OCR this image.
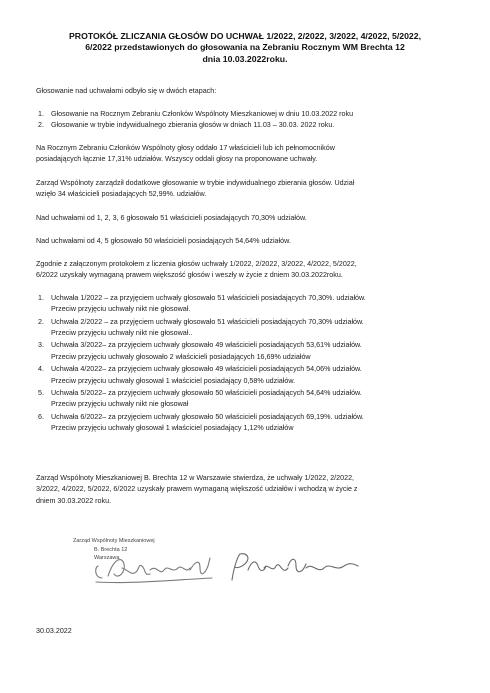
PROTOKÓŁ ZLICZANIA GŁOSÓW DO UCHWAŁ 1/2022, 2/2022, 3/2022, 4/2022, 5/2022,
6/2022 przedstawionych do głosowania na Zebraniu Rocznym WM Brechta 12
dnia 10.03.2022roku.
Głosowanie nad uchwałami odbyło się w dwóch etapach:
1. Głosowanie na Rocznym Zebraniu Członków Wspólnoty Mieszkaniowej w dniu 10.03.2022 roku
2. Głosowanie w trybie indywidualnego zbierania głosów w dniach 11.03 – 30.03. 2022 roku.
Na Rocznym Zebraniu Członków Wspólnoty głosy oddało 17 właścicieli lub ich pełnomocników
posiadających łącznie 17,31% udziałów. Wszyscy oddali głosy na proponowane uchwały.
Zarząd Wspólnoty zarządził dodatkowe głosowanie w trybie indywidualnego zbierania głosów. Udział
wzięło 34 właścicieli posiadających 52,99%. udziałów.
Nad uchwałami od 1, 2, 3, 6 głosowało 51 właścicieli posiadających 70,30% udziałów.
Nad uchwałami od 4, 5 głosowało 50 właścicieli posiadających 54,64% udziałów.
Zgodnie z załączonym protokołem z liczenia głosów uchwały 1/2022, 2/2022, 3/2022, 4/2022, 5/2022,
6/2022 uzyskały wymaganą prawem większość głosów i weszły w życie z dniem 30.03.2022roku.
1. Uchwała 1/2022 – za przyjęciem uchwały głosowało 51 właścicieli posiadających 70,30%. udziałów.
Przeciw przyjęciu uchwały nikt nie głosował.
2. Uchwała 2/2022 – za przyjęciem uchwały głosowało 51 właścicieli posiadających 70,30% udziałów.
Przeciw przyjęciu uchwały nikt nie głosował..
3. Uchwała 3/2022– za przyjęciem uchwały głosowało 49 właścicieli posiadających 53,61% udziałów.
Przeciw przyjęciu uchwały głosowało 2 właścicieli posiadających 16,69% udziałów
4. Uchwała 4/2022– za przyjęciem uchwały głosowało 49 właścicieli posiadających 54,06% udziałów.
Przeciw przyjęciu uchwały głosował 1 właściciel posiadający 0,58% udziałów.
5. Uchwała 5/2022– za przyjęciem uchwały głosowało 50 właścicieli posiadających 54,64% udziałów.
Przeciw przyjęciu uchwały nikt nie głosował
6. Uchwała 6/2022– za przyjęciem uchwały głosowało 50 właścicieli posiadających 69,19%. udziałów.
Przeciw przyjęciu uchwały głosował 1 właściciel posiadający 1,12% udziałów
Zarząd Wspólnoty Mieszkaniowej B. Brechta 12 w Warszawie stwierdza, że uchwały 1/2022, 2/2022,
3/2022, 4/2022, 5/2022, 6/2022 uzyskały prawem wymaganą większość udziałów i wchodzą w życie z
dniem 30.03.2022 roku.
Zarząd Wspólnoty Mieszkaniowej
B. Brechta 12
Warszawa
30.03.2022
